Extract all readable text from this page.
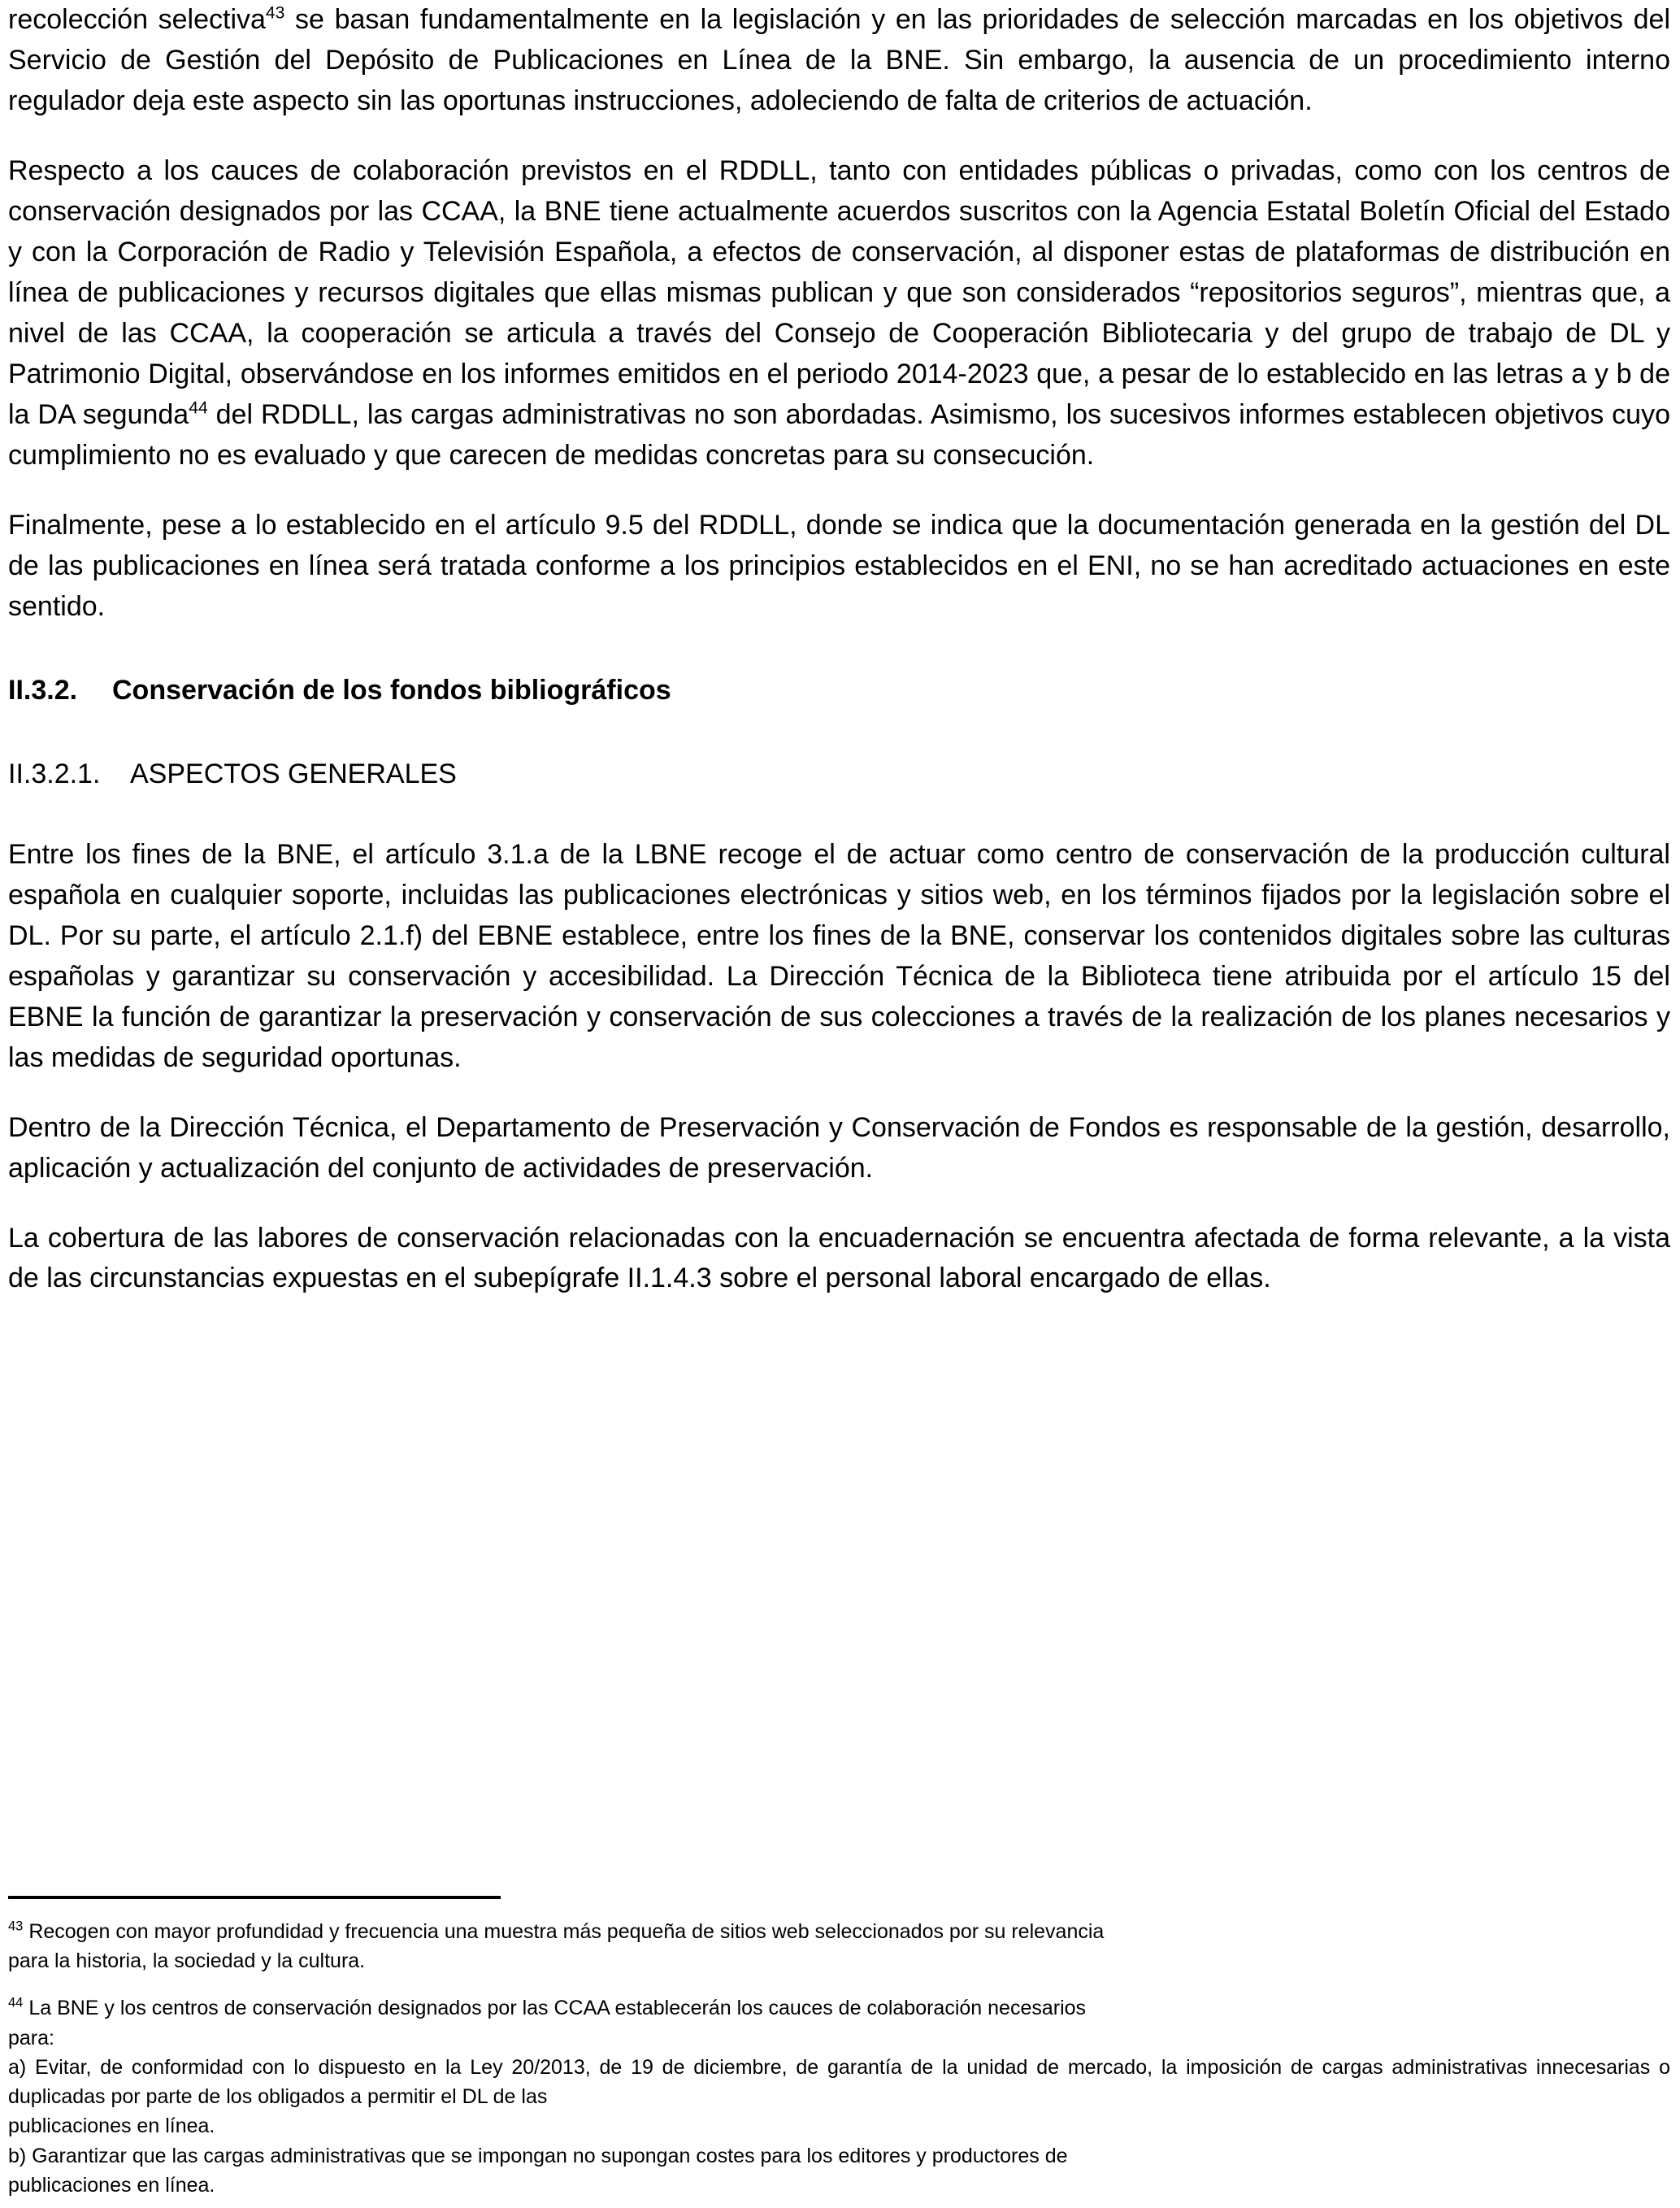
recolección selectiva$^{43}$ se basan fundamentalmente en la legislación y en las prioridades de selección marcadas en los objetivos del Servicio de Gestión del Depósito de Publicaciones en Línea de la BNE. Sin embargo, la ausencia de un procedimiento interno regulador deja este aspecto sin las oportunas instrucciones, adoleciendo de falta de criterios de actuación.

Respecto a los cauces de colaboración previstos en el RDDLL, tanto con entidades públicas o privadas, como con los centros de conservación designados por las CCAA, la BNE tiene actualmente acuerdos suscritos con la Agencia Estatal Boletín Oficial del Estado y con la Corporación de Radio y Televisión Española, a efectos de conservación, al disponer estas de plataformas de distribución en línea de publicaciones y recursos digitales que ellas mismas publican y que son considerados “repositorios seguros”, mientras que, a nivel de las CCAA, la cooperación se articula a través del Consejo de Cooperación Bibliotecaria y del grupo de trabajo de DL y Patrimonio Digital, observándose en los informes emitidos en el periodo 2014-2023 que, a pesar de lo establecido en las letras a y b de la DA segunda$^{44}$ del RDDLL, las cargas administrativas no son abordadas. Asimismo, los sucesivos informes establecen objetivos cuyo cumplimiento no es evaluado y que carecen de medidas concretas para su consecución.

Finalmente, pese a lo establecido en el artículo 9.5 del RDDLL, donde se indica que la documentación generada en la gestión del DL de las publicaciones en línea será tratada conforme a los principios establecidos en el ENI, no se han acreditado actuaciones en este sentido.

II.3.2.	Conservación de los fondos bibliográficos
II.3.2.1.	ASPECTOS GENERALES

Entre los fines de la BNE, el artículo 3.1.a de la LBNE recoge el de actuar como centro de conservación de la producción cultural española en cualquier soporte, incluidas las publicaciones electrónicas y sitios web, en los términos fijados por la legislación sobre el DL. Por su parte, el artículo 2.1.f) del EBNE establece, entre los fines de la BNE, conservar los contenidos digitales sobre las culturas españolas y garantizar su conservación y accesibilidad. La Dirección Técnica de la Biblioteca tiene atribuida por el artículo 15 del EBNE la función de garantizar la preservación y conservación de sus colecciones a través de la realización de los planes necesarios y las medidas de seguridad oportunas.

Dentro de la Dirección Técnica, el Departamento de Preservación y Conservación de Fondos es responsable de la gestión, desarrollo, aplicación y actualización del conjunto de actividades de preservación.

La cobertura de las labores de conservación relacionadas con la encuadernación se encuentra afectada de forma relevante, a la vista de las circunstancias expuestas en el subepígrafe II.1.4.3 sobre el personal laboral encargado de ellas.

$^{43}$ Recogen con mayor profundidad y frecuencia una muestra más pequeña de sitios web seleccionados por su relevancia

para la historia, la sociedad y la cultura.

$^{44}$ La BNE y los centros de conservación designados por las CCAA establecerán los cauces de colaboración necesarios

para:

a) Evitar, de conformidad con lo dispuesto en la Ley 20/2013, de 19 de diciembre, de garantía de la unidad de mercado, la imposición de cargas administrativas innecesarias o duplicadas por parte de los obligados a permitir el DL de las

publicaciones en línea.

b) Garantizar que las cargas administrativas que se impongan no supongan costes para los editores y productores de

publicaciones en línea.
